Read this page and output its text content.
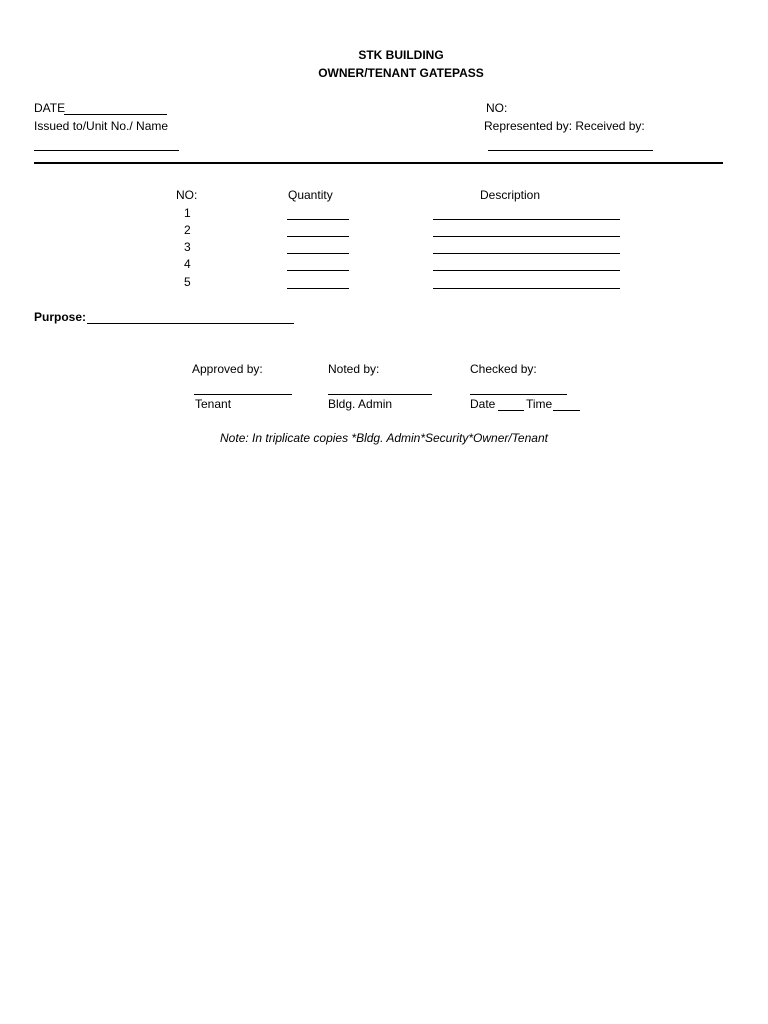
STK BUILDING
OWNER/TENANT GATEPASS
DATE	NO:
Issued to/Unit No./ Name	Represented by: Received by:
NO:	Quantity	Description
1
2
3
4
5
Purpose:
Approved by:	Noted by:	Checked by:
Tenant	Bldg. Admin	Date	Time
Note: In triplicate copies *Bldg. Admin*Security*Owner/Tenant
